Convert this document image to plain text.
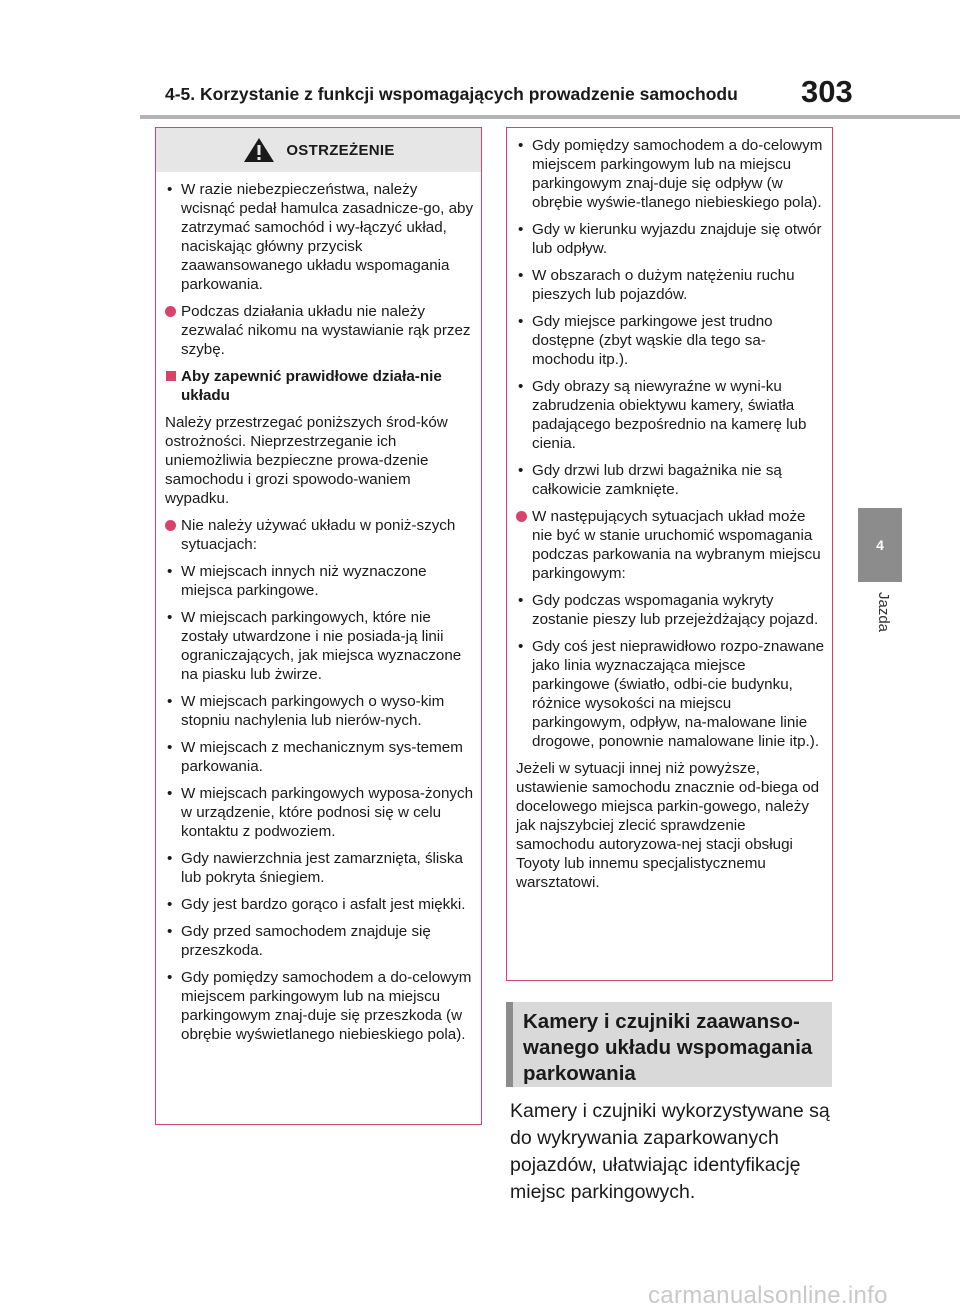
4-5. Korzystanie z funkcji wspomagających prowadzenie samochodu 303
4
Jazda
OSTRZEŻENIE
• W razie niebezpieczeństwa, należy wcisnąć pedał hamulca zasadnicze-go, aby zatrzymać samochód i wy-łączyć układ, naciskając główny przycisk zaawansowanego układu wspomagania parkowania.
Podczas działania układu nie należy zezwalać nikomu na wystawianie rąk przez szybę.
Aby zapewnić prawidłowe działa-nie układu
Należy przestrzegać poniższych środ-ków ostrożności. Nieprzestrzeganie ich uniemożliwia bezpieczne prowa-dzenie samochodu i grozi spowodo-waniem wypadku.
Nie należy używać układu w poniż-szych sytuacjach:
• W miejscach innych niż wyznaczone miejsca parkingowe.
• W miejscach parkingowych, które nie zostały utwardzone i nie posiada-ją linii ograniczających, jak miejsca wyznaczone na piasku lub żwirze.
• W miejscach parkingowych o wyso-kim stopniu nachylenia lub nierów-nych.
• W miejscach z mechanicznym sys-temem parkowania.
• W miejscach parkingowych wyposa-żonych w urządzenie, które podnosi się w celu kontaktu z podwoziem.
• Gdy nawierzchnia jest zamarznięta, śliska lub pokryta śniegiem.
• Gdy jest bardzo gorąco i asfalt jest miękki.
• Gdy przed samochodem znajduje się przeszkoda.
• Gdy pomiędzy samochodem a do-celowym miejscem parkingowym lub na miejscu parkingowym znaj-duje się przeszkoda (w obrębie wyświetlanego niebieskiego pola).
• Gdy pomiędzy samochodem a do-celowym miejscem parkingowym lub na miejscu parkingowym znaj-duje się odpływ (w obrębie wyświe-tlanego niebieskiego pola).
• Gdy w kierunku wyjazdu znajduje się otwór lub odpływ.
• W obszarach o dużym natężeniu ruchu pieszych lub pojazdów.
• Gdy miejsce parkingowe jest trudno dostępne (zbyt wąskie dla tego sa-mochodu itp.).
• Gdy obrazy są niewyraźne w wyni-ku zabrudzenia obiektywu kamery, światła padającego bezpośrednio na kamerę lub cienia.
• Gdy drzwi lub drzwi bagażnika nie są całkowicie zamknięte.
W następujących sytuacjach układ może nie być w stanie uruchomić wspomagania podczas parkowania na wybranym miejscu parkingowym:
• Gdy podczas wspomagania wykryty zostanie pieszy lub przejeżdżający pojazd.
• Gdy coś jest nieprawidłowo rozpo-znawane jako linia wyznaczająca miejsce parkingowe (światło, odbi-cie budynku, różnice wysokości na miejscu parkingowym, odpływ, na-malowane linie drogowe, ponownie namalowane linie itp.).
Jeżeli w sytuacji innej niż powyższe, ustawienie samochodu znacznie od-biega od docelowego miejsca parkin-gowego, należy jak najszybciej zlecić sprawdzenie samochodu autoryzowa-nej stacji obsługi Toyoty lub innemu specjalistycznemu warsztatowi.
Kamery i czujniki zaawanso-wanego układu wspomagania parkowania
Kamery i czujniki wykorzystywane są do wykrywania zaparkowanych pojazdów, ułatwiając identyfikację miejsc parkingowych.
carmanualsonline.info
